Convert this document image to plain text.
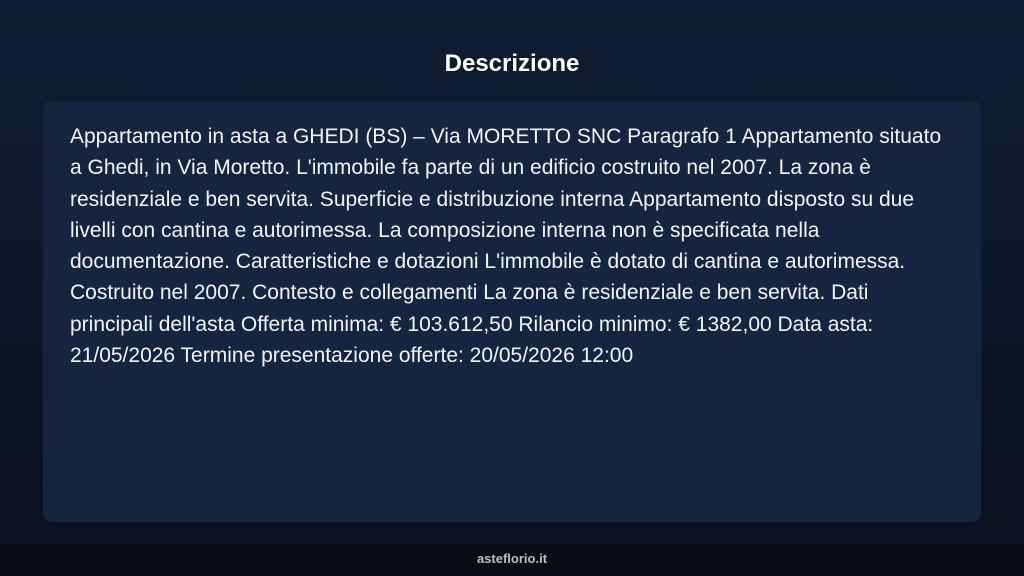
Descrizione

Appartamento in asta a GHEDI (BS) – Via MORETTO SNC Paragrafo 1 Appartamento situato a Ghedi, in Via Moretto. L'immobile fa parte di un edificio costruito nel 2007. La zona è residenziale e ben servita. Superficie e distribuzione interna Appartamento disposto su due livelli con cantina e autorimessa. La composizione interna non è specificata nella documentazione. Caratteristiche e dotazioni L'immobile è dotato di cantina e autorimessa. Costruito nel 2007. Contesto e collegamenti La zona è residenziale e ben servita. Dati principali dell'asta Offerta minima: € 103.612,50 Rilancio minimo: € 1382,00 Data asta: 21/05/2026 Termine presentazione offerte: 20/05/2026 12:00

asteflorio.it
